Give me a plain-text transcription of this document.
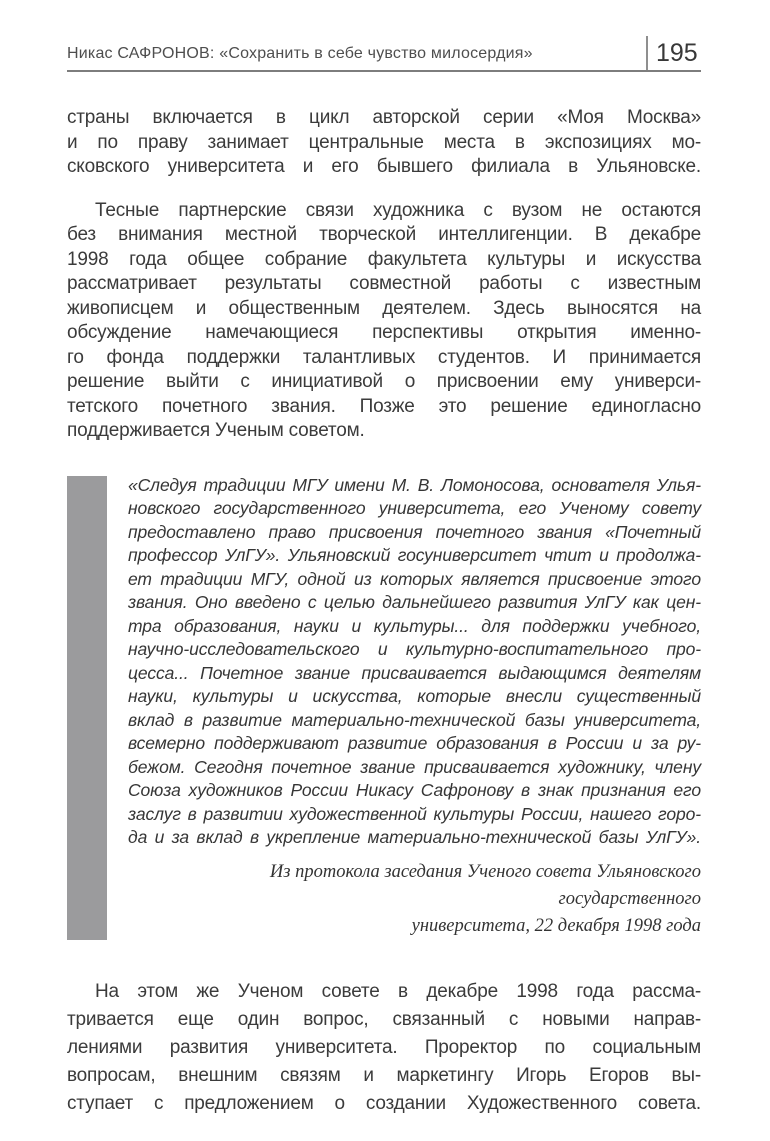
Никас САФРОНОВ: «Сохранить в себе чувство милосердия»	195
страны включается в цикл авторской серии «Моя Москва»
и по праву занимает центральные места в экспозициях мо-
сковского университета и его бывшего филиала в Ульяновске.
Тесные партнерские связи художника с вузом не остаются
без внимания местной творческой интеллигенции. В декабре
1998 года общее собрание факультета культуры и искусства
рассматривает результаты совместной работы с известным
живописцем и общественным деятелем. Здесь выносятся на
обсуждение намечающиеся перспективы открытия именно-
го фонда поддержки талантливых студентов. И принимается
решение выйти с инициативой о присвоении ему универси-
тетского почетного звания. Позже это решение единогласно
поддерживается Ученым советом.
«Следуя традиции МГУ имени М. В. Ломоносова, основателя Улья-
новского государственного университета, его Ученому совету
предоставлено право присвоения почетного звания «Почетный
профессор УлГУ». Ульяновский госуниверситет чтит и продолжа-
ет традиции МГУ, одной из которых является присвоение этого
звания. Оно введено с целью дальнейшего развития УлГУ как цен-
тра образования, науки и культуры... для поддержки учебного,
научно-исследовательского и культурно-воспитательного про-
цесса... Почетное звание присваивается выдающимся деятелям
науки, культуры и искусства, которые внесли существенный
вклад в развитие материально-технической базы университета,
всемерно поддерживают развитие образования в России и за ру-
бежом. Сегодня почетное звание присваивается художнику, члену
Союза художников России Никасу Сафронову в знак признания его
заслуг в развитии художественной культуры России, нашего горо-
да и за вклад в укрепление материально-технической базы УлГУ».
Из протокола заседания Ученого совета Ульяновского государственного
университета, 22 декабря 1998 года
На этом же Ученом совете в декабре 1998 года рассма-
тривается еще один вопрос, связанный с новыми направ-
лениями развития университета. Проректор по социальным
вопросам, внешним связям и маркетингу Игорь Егоров вы-
ступает с предложением о создании Художественного совета.
